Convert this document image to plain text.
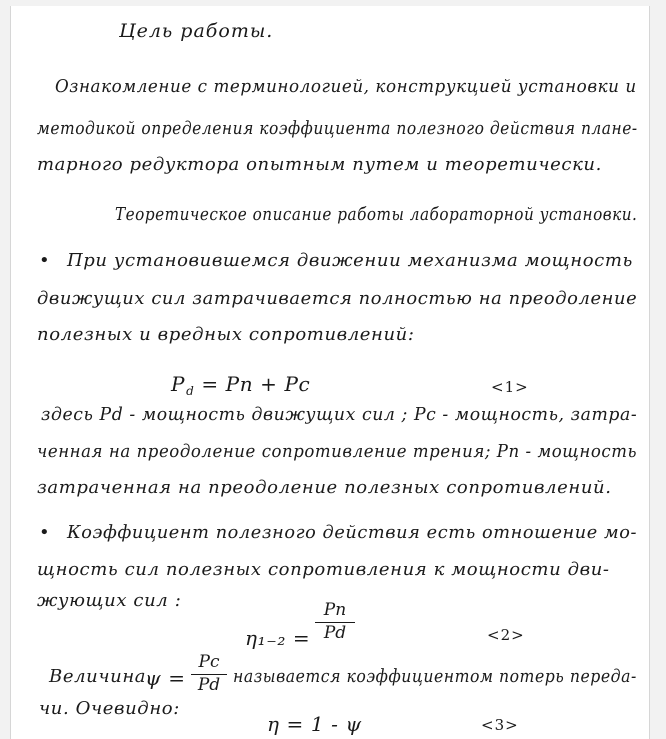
Цель работы.
Ознакомление с терминологией, конструкцией установки и
методикой определения коэффициента полезного действия плане-
тарного редуктора опытным путем и теоретически.
Теоретическое описание работы лабораторной установки.
• При установившемся движении механизма мощность
движущих сил затрачивается полностью на преодоление
полезных и вредных сопротивлений:
$P_d = Pn + Pc$	<1>
здесь Pd - мощность движущих сил ; Pc - мощность, затра-
ченная на преодоление сопротивление трения; Pn - мощность
затраченная на преодоление полезных сопротивлений.
• Коэффициент полезного действия есть отношение мо-
щность сил полезных сопротивления к мощности дви-
жующих сил :
η₁₋₂ =
Pn
Pd	<2>
Величина
ψ =
Pc
Pd называется коэффициентом потерь переда-
чи. Очевидно:
η = 1 - ψ	<3>
